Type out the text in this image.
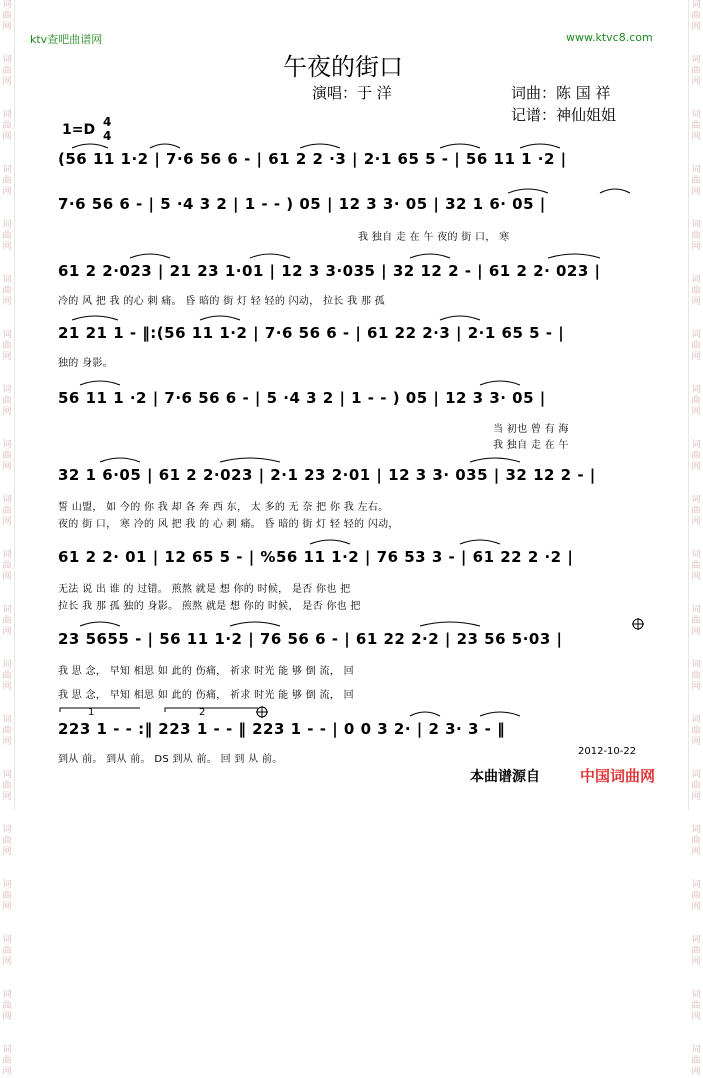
词
曲
网
词
曲
网
词
曲
网
词
曲
网
词
曲
网
词
曲
网
词
曲
网
词
曲
网
词
曲
网
词
曲
网
词
曲
网
词
曲
网
词
曲
网
词
曲
网
词
曲
网
词
曲
网
词
曲
网
词
曲
网
词
曲
网
词
曲
网
词
曲
网
词
曲
网
词
曲
网
词
曲
网
词
曲
网
词
曲
网
词
曲
网
词
曲
网
词
曲
网
词
曲
网
词
曲
网
词
曲
网
词
曲
网
词
曲
网
词
曲
网
词
曲
网
词
曲
网
词
曲
网
词
曲
网
词
曲
网
ktv查吧曲谱网	www.ktvc8.com
午夜的街口
演唱：于 洋	词曲：陈 国 祥
记谱：神仙姐姐
1=D 4
4
(56 11 1·2 | 7·6 56 6 - | 61 2 2 ·3 | 2·1 65 5 - | 56 11 1 ·2 |
7·6 56 6 - | 5 ·4 3 2 | 1 - - ) 05 | 12 3 3· 05 | 32 1 6· 05 |
我 独自 走 在 午 夜的 街 口， 寒
61 2 2·023 | 21 23 1·01 | 12 3 3·035 | 32 12 2 - | 61 2 2· 023 |
冷的 风 把 我 的心 刺 痛。 昏 暗的 街 灯 轻 轻的 闪动， 拉长 我 那 孤
21 21 1 - ‖:(56 11 1·2 | 7·6 56 6 - | 61 22 2·3 | 2·1 65 5 - |
独的 身影。
56 11 1 ·2 | 7·6 56 6 - | 5 ·4 3 2 | 1 - - ) 05 | 12 3 3· 05 |
当 初也 曾 有 海
我 独自 走 在 午
32 1 6·05 | 61 2 2·023 | 2·1 23 2·01 | 12 3 3· 035 | 32 12 2 - |
誓 山盟， 如 今的 你 我 却 各 奔 西 东， 太 多的 无 奈 把 你 我 左右。
夜的 街 口， 寒 冷的 风 把 我 的 心 刺 痛。 昏 暗的 街 灯 轻 轻的 闪动，
61 2 2· 01 | 12 65 5 - | %56 11 1·2 | 76 53 3 - | 61 22 2 ·2 |
无法 说 出 谁 的 过错。 煎熬 就是 想 你的 时候， 是否 你也 把
拉长 我 那 孤 独的 身影。 煎熬 就是 想 你的 时候， 是否 你也 把
23 5655 - | 56 11 1·2 | 76 56 6 - | 61 22 2·2 | 23 56 5·03 |
我 思 念， 早知 相思 如 此的 伤痛， 祈求 时光 能 够 倒 流， 回
我 思 念， 早知 相思 如 此的 伤痛， 祈求 时光 能 够 倒 流， 回
223 1 - - :‖ 223 1 - - ‖ 223 1 - - | 0 0 3 2· | 2 3· 3 - ‖
1	2
到从 前。 到从 前。 DS 到从 前。 回 到 从 前。
本曲谱源自	中国词曲网
2012-10-22
